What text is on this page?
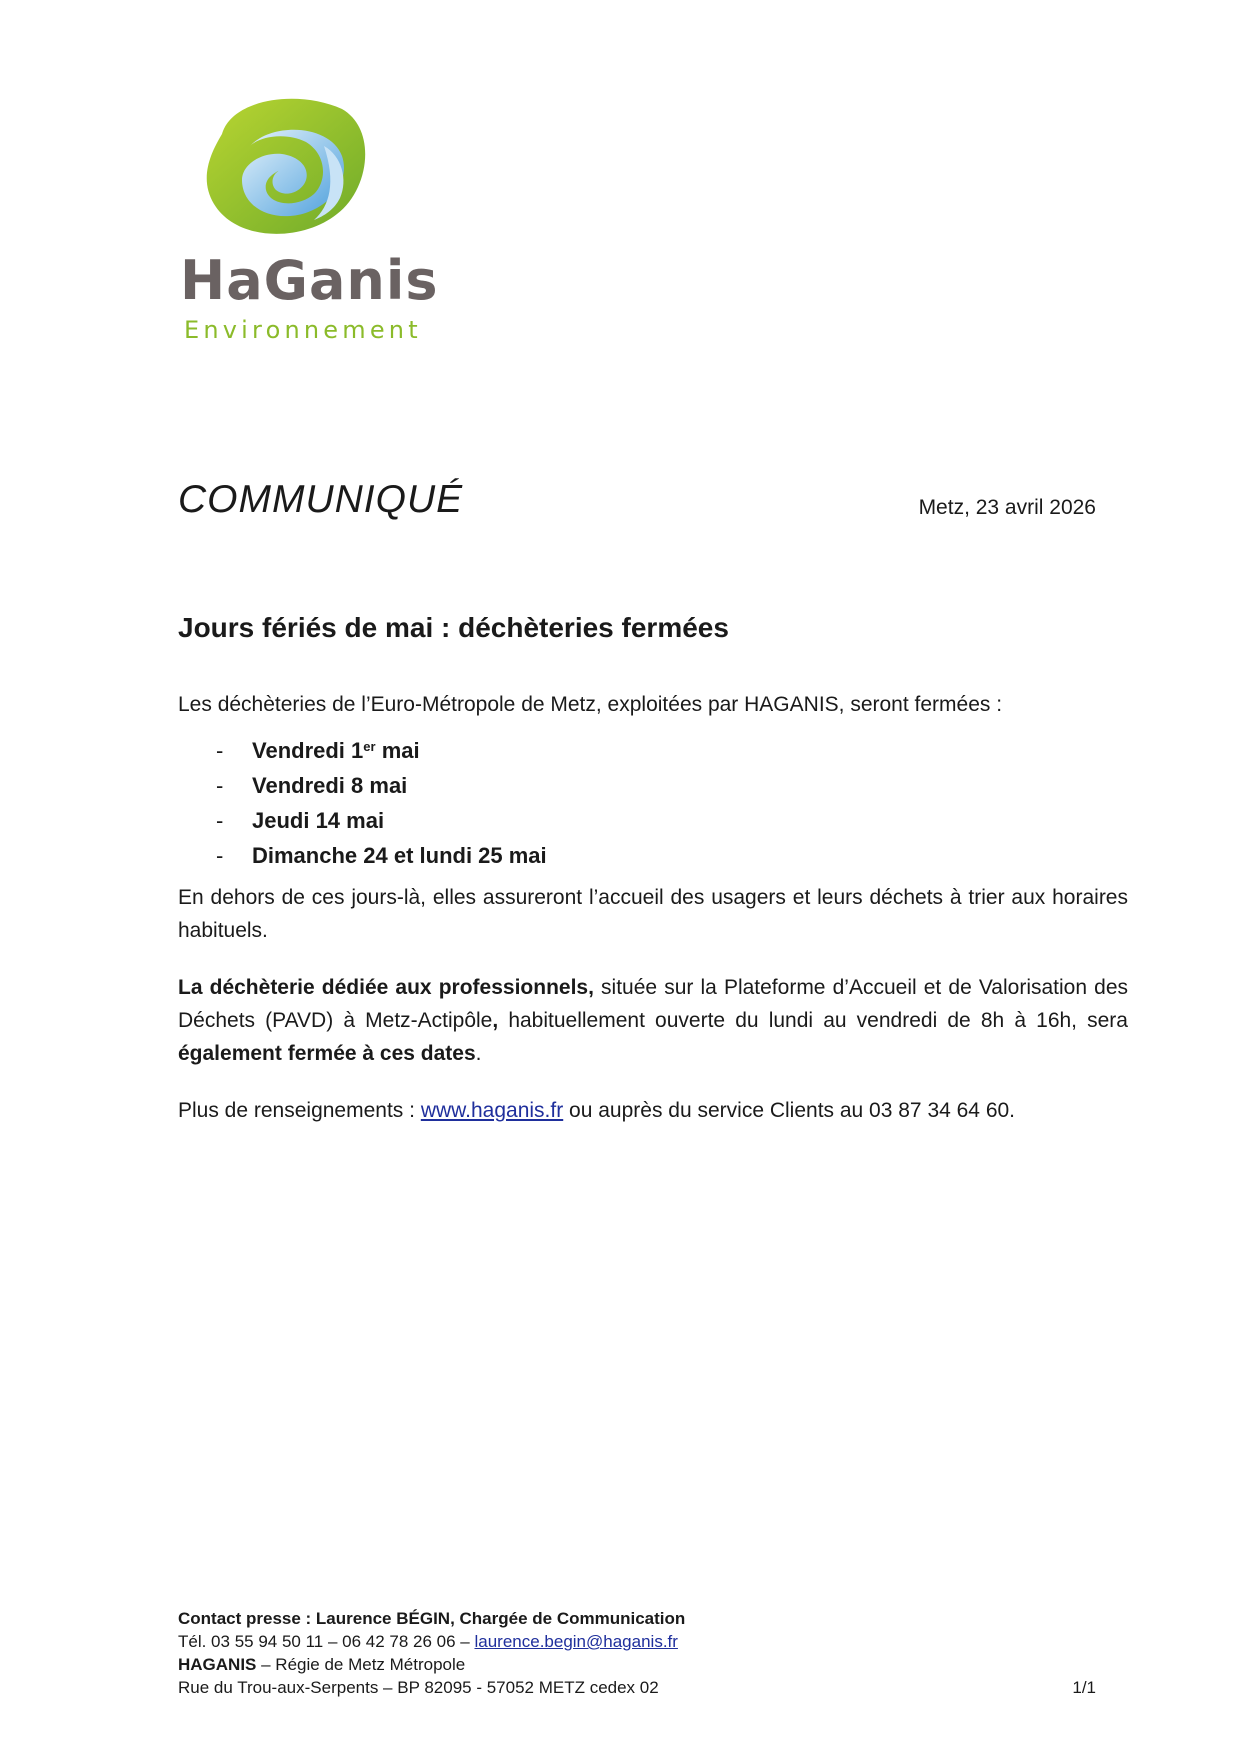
HaGanis
Environnement
COMMUNIQUÉ	Metz, 23 avril 2026
Jours fériés de mai : déchèteries fermées

Les déchèteries de l’Euro-Métropole de Metz, exploitées par HAGANIS, seront fermées :

- Vendredi 1er mai
- Vendredi 8 mai
- Jeudi 14 mai
- Dimanche 24 et lundi 25 mai

En dehors de ces jours-là, elles assureront l’accueil des usagers et leurs déchets à trier aux horaires habituels.

La déchèterie dédiée aux professionnels, située sur la Plateforme d’Accueil et de Valorisation des Déchets (PAVD) à Metz-Actipôle, habituellement ouverte du lundi au vendredi de 8h à 16h, sera également fermée à ces dates.

Plus de renseignements : www.haganis.fr ou auprès du service Clients au 03 87 34 64 60.

Contact presse : Laurence BÉGIN, Chargée de Communication
Tél. 03 55 94 50 11 – 06 42 78 26 06 – laurence.begin@haganis.fr
HAGANIS – Régie de Metz Métropole
Rue du Trou-aux-Serpents – BP 82095 - 57052 METZ cedex 02	1/1
